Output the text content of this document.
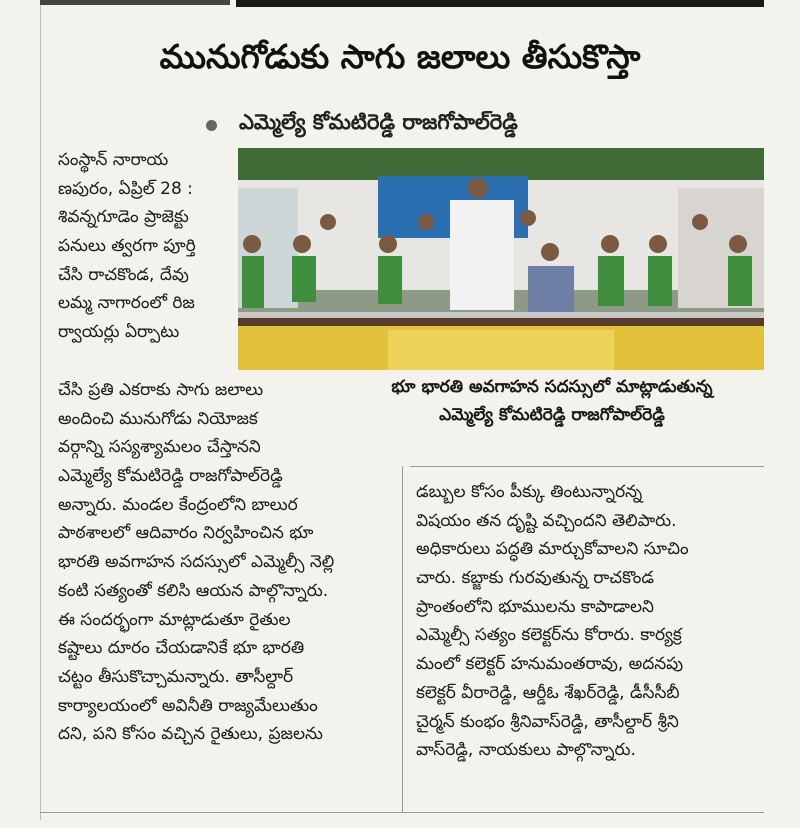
మునుగోడుకు సాగు జలాలు తీసుకొస్తా
ఎమ్మెల్యే కోమటిరెడ్డి రాజగోపాల్‌రెడ్డి
సంస్థాన్ నారాయ
ణపురం, ఏప్రిల్ 28 :
శివన్నగూడెం ప్రాజెక్టు
పనులు త్వరగా పూర్తి
చేసి రాచకొండ, దేవు
లమ్మ నాగారంలో రిజ
ర్వాయర్లు ఏర్పాటు
చేసి ప్రతి ఎకరాకు సాగు జలాలు
అందించి మునుగోడు నియోజక
వర్గాన్ని సస్యశ్యామలం చేస్తానని
ఎమ్మెల్యే కోమటిరెడ్డి రాజగోపాల్‌రెడ్డి
అన్నారు. మండల కేంద్రంలోని బాలుర
పాఠశాలలో ఆదివారం నిర్వహించిన భూ
భారతి అవగాహన సదస్సులో ఎమ్మెల్సీ నెల్లి
కంటి సత్యంతో కలిసి ఆయన పాల్గొన్నారు.
ఈ సందర్భంగా మాట్లాడుతూ రైతుల
కష్టాలు దూరం చేయడానికే భూ భారతి
చట్టం తీసుకొచ్చామన్నారు. తాసీల్దార్
కార్యాలయంలో అవినీతి రాజ్యమేలుతుం
దని, పని కోసం వచ్చిన రైతులు, ప్రజలను
భూ భారతి అవగాహన సదస్సులో మాట్లాడుతున్న
ఎమ్మెల్యే కోమటిరెడ్డి రాజగోపాల్‌రెడ్డి
డబ్బుల కోసం పీక్కు తింటున్నారన్న
విషయం తన దృష్టి వచ్చిందని తెలిపారు.
అధికారులు పద్ధతి మార్చుకోవాలని సూచిం
చారు. కబ్జాకు గురవుతున్న రాచకొండ
ప్రాంతంలోని భూములను కాపాడాలని
ఎమ్మెల్సీ సత్యం కలెక్టర్‌ను కోరారు. కార్యక్ర
మంలో కలెక్టర్ హనుమంతరావు, అదనపు
కలెక్టర్ వీరారెడ్డి, ఆర్డీఓ శేఖర్‌రెడ్డి, డీసీసీబీ
చైర్మన్ కుంభం శ్రీనివాస్‌రెడ్డి, తాసీల్దార్ శ్రీని
వాస్‌రెడ్డి, నాయకులు పాల్గొన్నారు.
